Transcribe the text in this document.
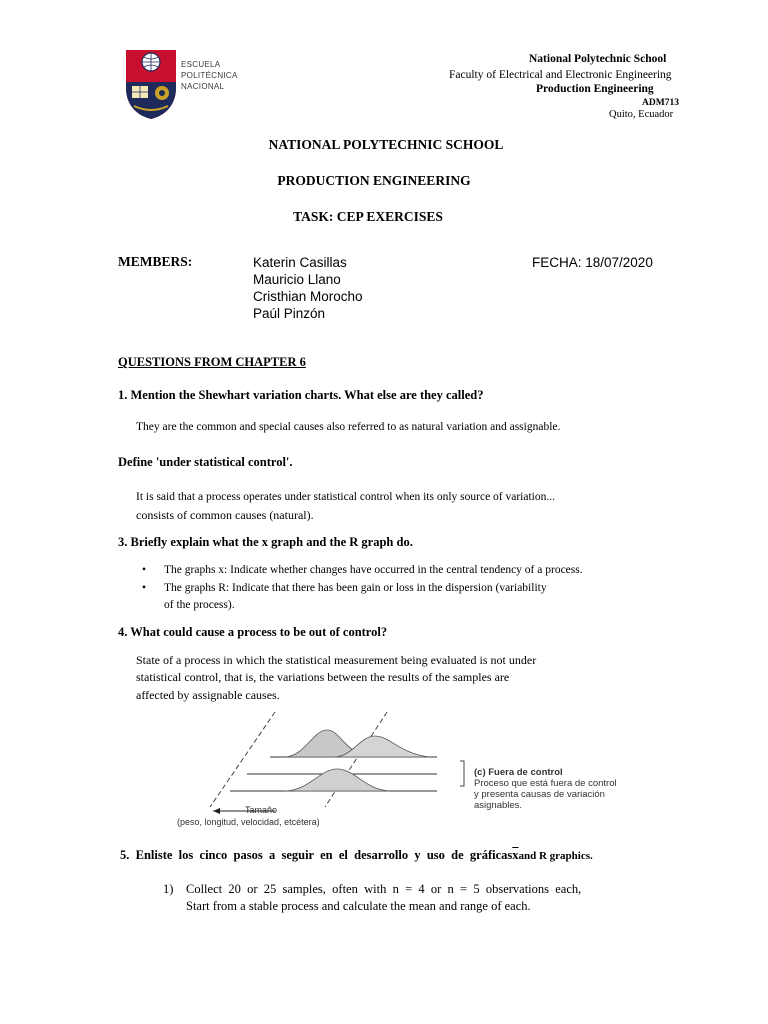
ESCUELA
POLITÉCNICA
NACIONAL
National Polytechnic School
Faculty of Electrical and Electronic Engineering
Production Engineering
ADM713
Quito, Ecuador
NATIONAL POLYTECHNIC SCHOOL
PRODUCTION ENGINEERING
TASK: CEP EXERCISES
MEMBERS:	Katerin Casillas
Mauricio Llano
Cristhian Morocho
Paúl Pinzón
FECHA: 18/07/2020
QUESTIONS FROM CHAPTER 6
1. Mention the Shewhart variation charts. What else are they called?
They are the common and special causes also referred to as natural variation and assignable.
Define 'under statistical control'.
It is said that a process operates under statistical control when its only source of variation...
consists of common causes (natural).
3. Briefly explain what the x graph and the R graph do.
• The graphs x: Indicate whether changes have occurred in the central tendency of a process.
• The graphs R: Indicate that there has been gain or loss in the dispersion (variability
of the process).
4. What could cause a process to be out of control?
State of a process in which the statistical measurement being evaluated is not under
statistical control, that is, the variations between the results of the samples are
affected by assignable causes.
Tamaño
(peso, longitud, velocidad, etcétera)
(c) Fuera de control
Proceso que está fuera de control
y presenta causas de variación
asignables.
5.  Enliste  los  cinco  pasos  a  seguir  en  el  desarrollo  y  uso  de  $gráficas\overline{x}and$ R graphics.
1) Collect  20  or  25  samples,  often  with  n  =  4  or  n  =  5  observations  each,
Start from a stable process and calculate the mean and range of each.
